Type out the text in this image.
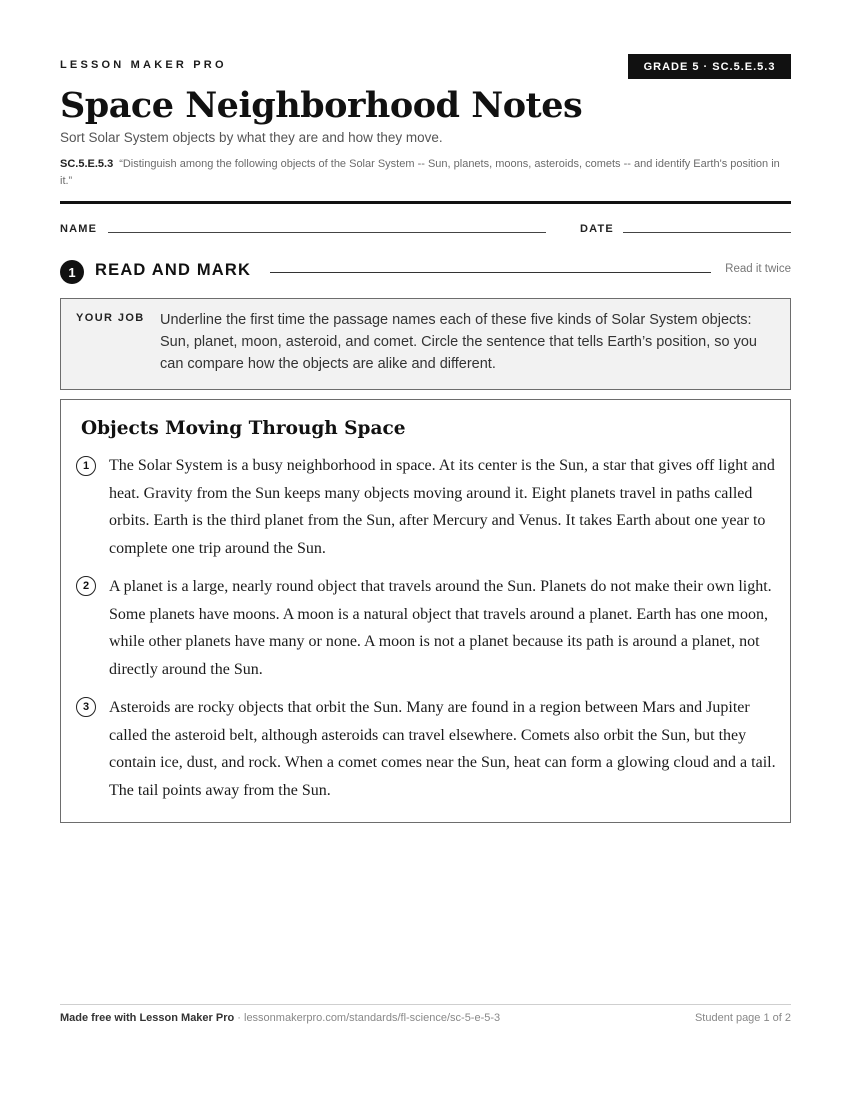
LESSON MAKER PRO	GRADE 5 · SC.5.E.5.3
Space Neighborhood Notes
Sort Solar System objects by what they are and how they move.
SC.5.E.5.3 “Distinguish among the following objects of the Solar System -- Sun, planets, moons, asteroids, comets -- and identify Earth's position in it.”
NAME	DATE
1	READ AND MARK	Read it twice
YOUR JOB Underline the first time the passage names each of these five kinds of Solar System objects: Sun, planet, moon, asteroid, and comet. Circle the sentence that tells Earth’s position, so you can compare how the objects are alike and different.
Objects Moving Through Space
1	The Solar System is a busy neighborhood in space. At its center is the Sun, a star that gives off light and heat. Gravity from the Sun keeps many objects moving around it. Eight planets travel in paths called orbits. Earth is the third planet from the Sun, after Mercury and Venus. It takes Earth about one year to complete one trip around the Sun.
2	A planet is a large, nearly round object that travels around the Sun. Planets do not make their own light. Some planets have moons. A moon is a natural object that travels around a planet. Earth has one moon, while other planets have many or none. A moon is not a planet because its path is around a planet, not directly around the Sun.
3	Asteroids are rocky objects that orbit the Sun. Many are found in a region between Mars and Jupiter called the asteroid belt, although asteroids can travel elsewhere. Comets also orbit the Sun, but they contain ice, dust, and rock. When a comet comes near the Sun, heat can form a glowing cloud and a tail. The tail points away from the Sun.
Made free with Lesson Maker Pro · lessonmakerpro.com/standards/fl-science/sc-5-e-5-3	Student page 1 of 2
